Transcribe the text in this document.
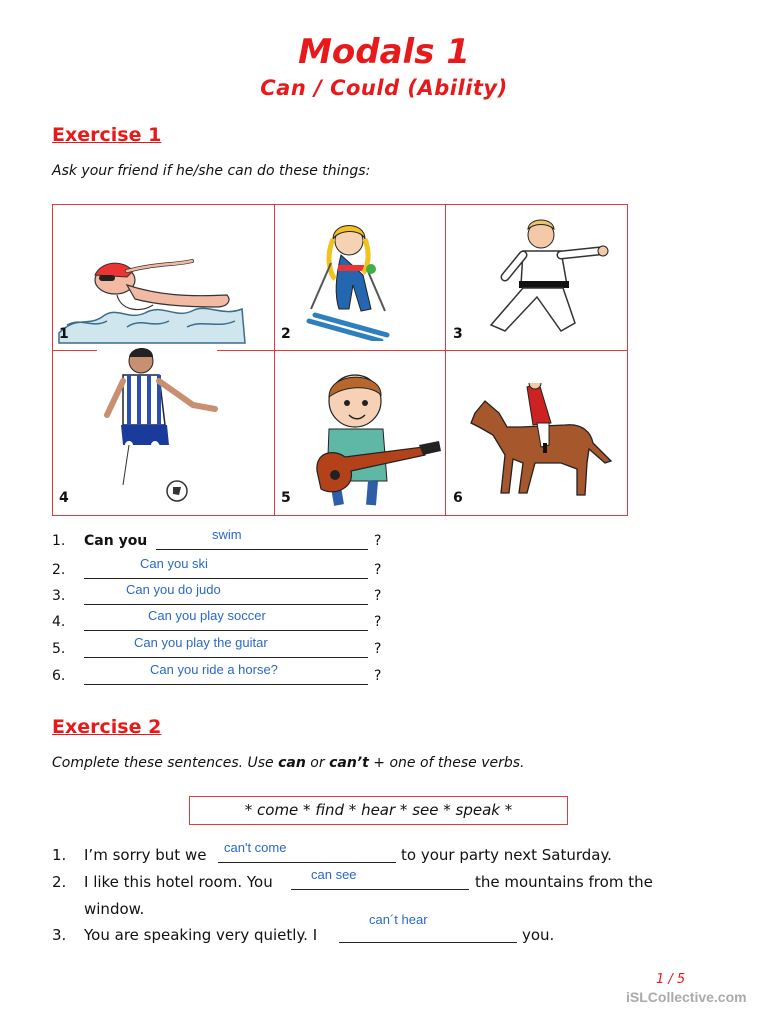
Modals 1
Can / Could (Ability)
Exercise 1
Ask your friend if he/she can do these things:
1	2	3
4	5	6
1. Can you	swim	?
2.	Can you ski	?
3.	Can you do judo	?
4.	Can you play soccer	?
5.	Can you play the guitar	?
6.	Can you ride a horse?	?
Exercise 2
Complete these sentences. Use can or can’t + one of these verbs.
* come * find * hear * see * speak *
1. I’m sorry but we can't come	to your party next Saturday.
2. I like this hotel room. You	can see	the mountains from the
window.
3. You are speaking very quietly. I
can´t hear
you.
1 / 5
iSLCollective.com
